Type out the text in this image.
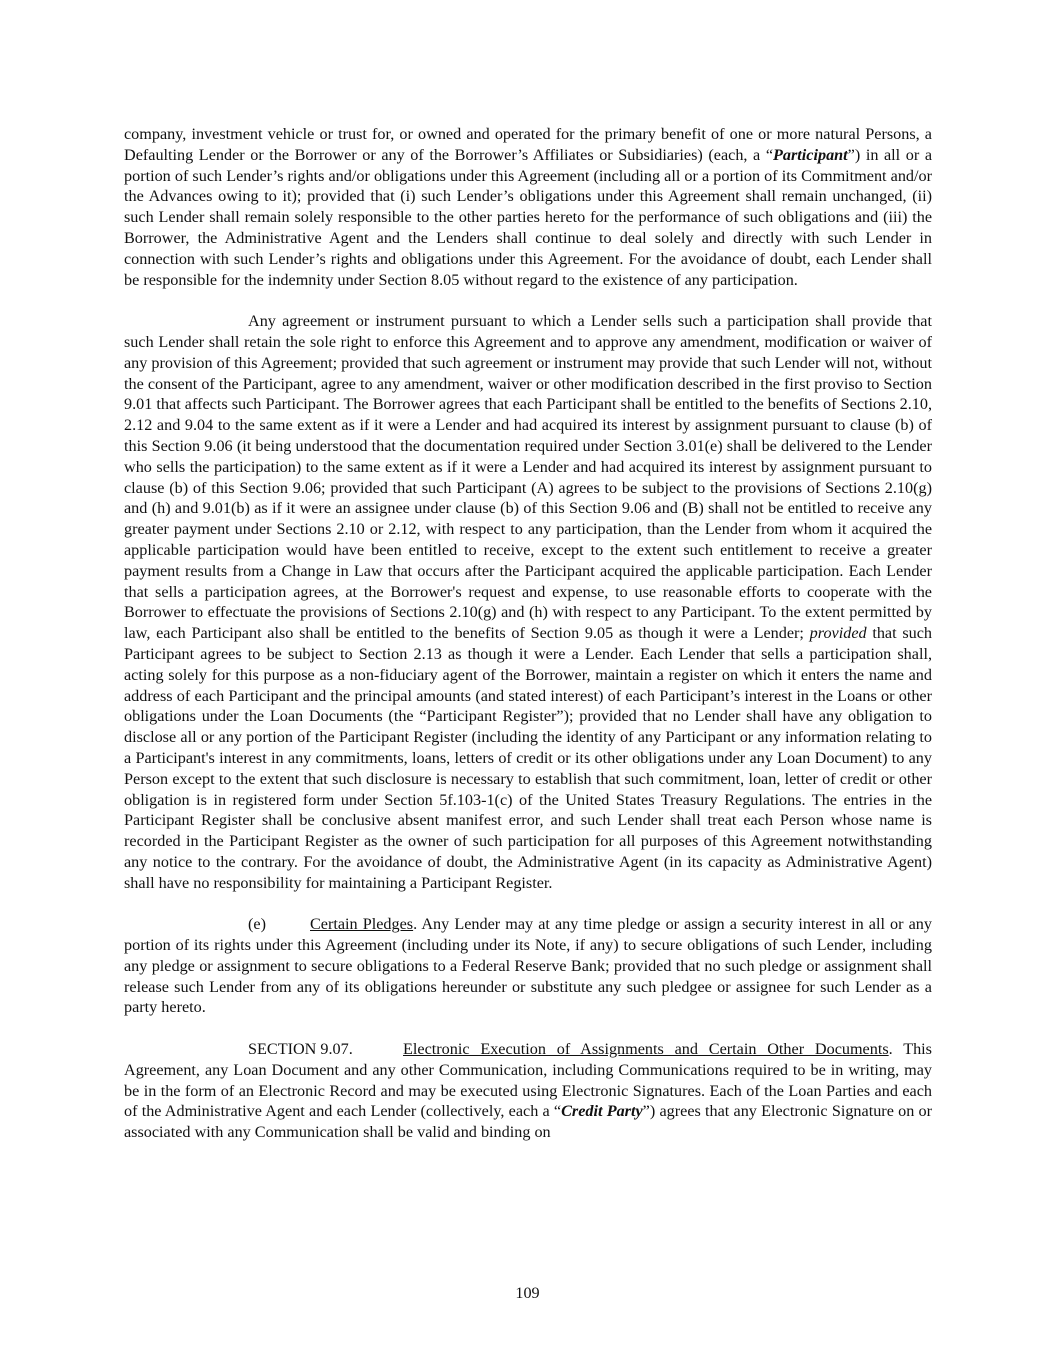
company, investment vehicle or trust for, or owned and operated for the primary benefit of one or more natural Persons, a Defaulting Lender or the Borrower or any of the Borrower’s Affiliates or Subsidiaries) (each, a “Participant”) in all or a portion of such Lender’s rights and/or obligations under this Agreement (including all or a portion of its Commitment and/or the Advances owing to it); provided that (i) such Lender’s obligations under this Agreement shall remain unchanged, (ii) such Lender shall remain solely responsible to the other parties hereto for the performance of such obligations and (iii) the Borrower, the Administrative Agent and the Lenders shall continue to deal solely and directly with such Lender in connection with such Lender’s rights and obligations under this Agreement. For the avoidance of doubt, each Lender shall be responsible for the indemnity under Section 8.05 without regard to the existence of any participation.

Any agreement or instrument pursuant to which a Lender sells such a participation shall provide that such Lender shall retain the sole right to enforce this Agreement and to approve any amendment, modification or waiver of any provision of this Agreement; provided that such agreement or instrument may provide that such Lender will not, without the consent of the Participant, agree to any amendment, waiver or other modification described in the first proviso to Section 9.01 that affects such Participant. The Borrower agrees that each Participant shall be entitled to the benefits of Sections 2.10, 2.12 and 9.04 to the same extent as if it were a Lender and had acquired its interest by assignment pursuant to clause (b) of this Section 9.06 (it being understood that the documentation required under Section 3.01(e) shall be delivered to the Lender who sells the participation) to the same extent as if it were a Lender and had acquired its interest by assignment pursuant to clause (b) of this Section 9.06; provided that such Participant (A) agrees to be subject to the provisions of Sections 2.10(g) and (h) and 9.01(b) as if it were an assignee under clause (b) of this Section 9.06 and (B) shall not be entitled to receive any greater payment under Sections 2.10 or 2.12, with respect to any participation, than the Lender from whom it acquired the applicable participation would have been entitled to receive, except to the extent such entitlement to receive a greater payment results from a Change in Law that occurs after the Participant acquired the applicable participation. Each Lender that sells a participation agrees, at the Borrower's request and expense, to use reasonable efforts to cooperate with the Borrower to effectuate the provisions of Sections 2.10(g) and (h) with respect to any Participant. To the extent permitted by law, each Participant also shall be entitled to the benefits of Section 9.05 as though it were a Lender; provided that such Participant agrees to be subject to Section 2.13 as though it were a Lender. Each Lender that sells a participation shall, acting solely for this purpose as a non-fiduciary agent of the Borrower, maintain a register on which it enters the name and address of each Participant and the principal amounts (and stated interest) of each Participant’s interest in the Loans or other obligations under the Loan Documents (the “Participant Register”); provided that no Lender shall have any obligation to disclose all or any portion of the Participant Register (including the identity of any Participant or any information relating to a Participant's interest in any commitments, loans, letters of credit or its other obligations under any Loan Document) to any Person except to the extent that such disclosure is necessary to establish that such commitment, loan, letter of credit or other obligation is in registered form under Section 5f.103-1(c) of the United States Treasury Regulations. The entries in the Participant Register shall be conclusive absent manifest error, and such Lender shall treat each Person whose name is recorded in the Participant Register as the owner of such participation for all purposes of this Agreement notwithstanding any notice to the contrary. For the avoidance of doubt, the Administrative Agent (in its capacity as Administrative Agent) shall have no responsibility for maintaining a Participant Register.

(e)	Certain Pledges. Any Lender may at any time pledge or assign a security interest in all or any portion of its rights under this Agreement (including under its Note, if any) to secure obligations of such Lender, including any pledge or assignment to secure obligations to a Federal Reserve Bank; provided that no such pledge or assignment shall release such Lender from any of its obligations hereunder or substitute any such pledgee or assignee for such Lender as a party hereto.

SECTION 9.07.	Electronic Execution of Assignments and Certain Other Documents. This Agreement, any Loan Document and any other Communication, including Communications required to be in writing, may be in the form of an Electronic Record and may be executed using Electronic Signatures. Each of the Loan Parties and each of the Administrative Agent and each Lender (collectively, each a “Credit Party”) agrees that any Electronic Signature on or associated with any Communication shall be valid and binding on

109
